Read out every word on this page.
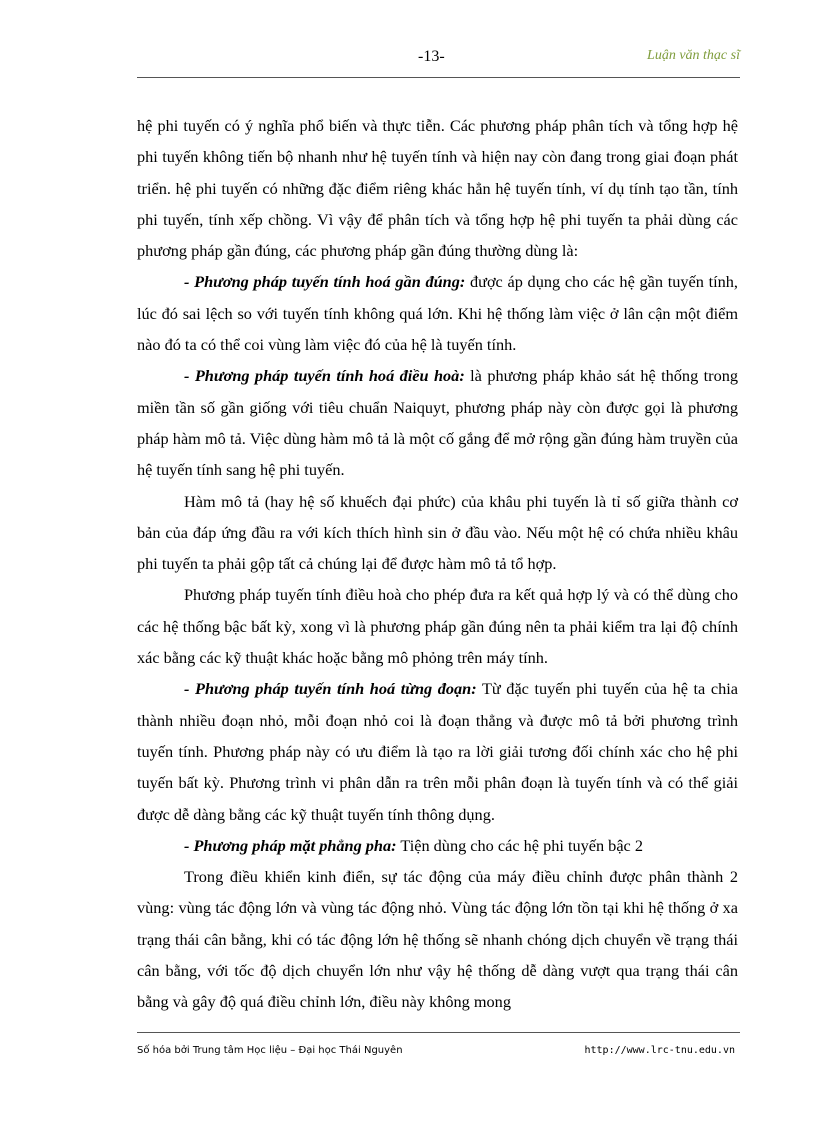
-13-	Luận văn thạc sĩ

hệ phi tuyến có ý nghĩa phổ biến và thực tiễn. Các phương pháp phân tích và tổng hợp hệ phi tuyến không tiến bộ nhanh như hệ tuyến tính và hiện nay còn đang trong giai đoạn phát triển. hệ phi tuyến có những đặc điểm riêng khác hẳn hệ tuyến tính, ví dụ tính tạo tần, tính phi tuyến, tính xếp chồng. Vì vậy để phân tích và tổng hợp hệ phi tuyến ta phải dùng các phương pháp gần đúng, các phương pháp gần đúng thường dùng là:

- Phương pháp tuyến tính hoá gần đúng: được áp dụng cho các hệ gần tuyến tính, lúc đó sai lệch so với tuyến tính không quá lớn. Khi hệ thống làm việc ở lân cận một điểm nào đó ta có thể coi vùng làm việc đó của hệ là tuyến tính.

- Phương pháp tuyến tính hoá điều hoà: là phương pháp khảo sát hệ thống trong miền tần số gần giống với tiêu chuẩn Naiquyt, phương pháp này còn được gọi là phương pháp hàm mô tả. Việc dùng hàm mô tả là một cố gắng để mở rộng gần đúng hàm truyền của hệ tuyến tính sang hệ phi tuyến.

Hàm mô tả (hay hệ số khuếch đại phức) của khâu phi tuyến là tỉ số giữa thành cơ bản của đáp ứng đầu ra với kích thích hình sin ở đầu vào. Nếu một hệ có chứa nhiều khâu phi tuyến ta phải gộp tất cả chúng lại để được hàm mô tả tổ hợp.

Phương pháp tuyến tính điều hoà cho phép đưa ra kết quả hợp lý và có thể dùng cho các hệ thống bậc bất kỳ, xong vì là phương pháp gần đúng nên ta phải kiểm tra lại độ chính xác bằng các kỹ thuật khác hoặc bằng mô phỏng trên máy tính.

- Phương pháp tuyến tính hoá từng đoạn: Từ đặc tuyến phi tuyến của hệ ta chia thành nhiều đoạn nhỏ, mỗi đoạn nhỏ coi là đoạn thẳng và được mô tả bởi phương trình tuyến tính. Phương pháp này có ưu điểm là tạo ra lời giải tương đối chính xác cho hệ phi tuyến bất kỳ. Phương trình vi phân dẫn ra trên mỗi phân đoạn là tuyến tính và có thể giải được dễ dàng bằng các kỹ thuật tuyến tính thông dụng.

- Phương pháp mặt phẳng pha: Tiện dùng cho các hệ phi tuyến bậc 2

Trong điều khiển kinh điển, sự tác động của máy điều chỉnh được phân thành 2 vùng: vùng tác động lớn và vùng tác động nhỏ. Vùng tác động lớn tồn tại khi hệ thống ở xa trạng thái cân bằng, khi có tác động lớn hệ thống sẽ nhanh chóng dịch chuyển về trạng thái cân bằng, với tốc độ dịch chuyển lớn như vậy hệ thống dễ dàng vượt qua trạng thái cân bằng và gây độ quá điều chỉnh lớn, điều này không mong

Số hóa bởi Trung tâm Học liệu – Đại học Thái Nguyên	http://www.lrc-tnu.edu.vn
